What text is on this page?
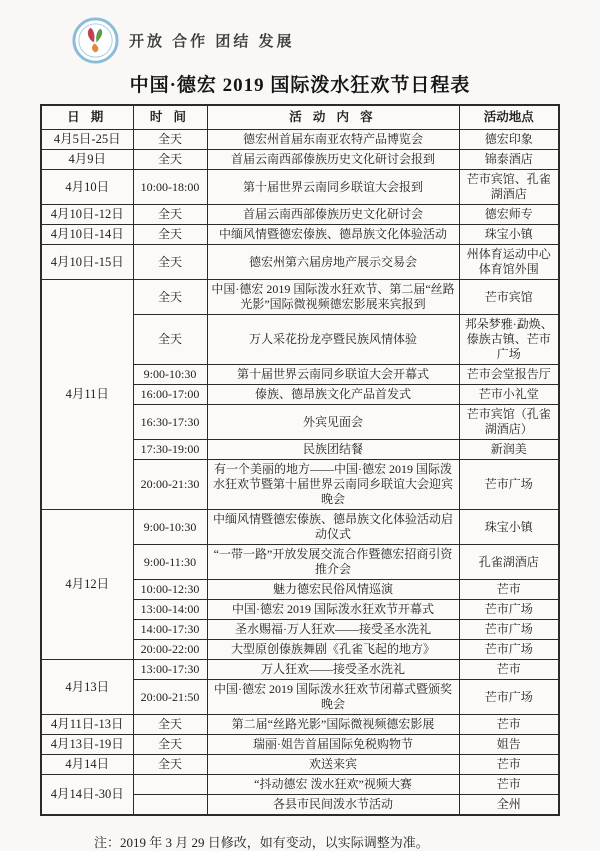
开放 合作 团结 发展
中国·德宏 2019 国际泼水狂欢节日程表
日 期	时 间	活 动 内 容	活动地点
4月5日-25日	全天	德宏州首届东南亚农特产品博览会	德宏印象
4月9日	全天	首届云南西部傣族历史文化研讨会报到	锦泰酒店
4月10日	10:00-18:00	第十届世界云南同乡联谊大会报到	芒市宾馆、孔雀湖酒店
4月10日-12日	全天	首届云南西部傣族历史文化研讨会	德宏师专
4月10日-14日	全天	中缅风情暨德宏傣族、德昂族文化体验活动	珠宝小镇
4月10日-15日	全天	德宏州第六届房地产展示交易会	州体育运动中心体育馆外围
4月11日	全天	中国·德宏 2019 国际泼水狂欢节、第二届“丝路光影”国际微视频德宏影展来宾报到	芒市宾馆
	全天	万人采花扮龙亭暨民族风情体验	邦朵梦雅·勐焕、傣族古镇、芒市广场
	9:00-10:30	第十届世界云南同乡联谊大会开幕式	芒市会堂报告厅
	16:00-17:00	傣族、德昂族文化产品首发式	芒市小礼堂
	16:30-17:30	外宾见面会	芒市宾馆（孔雀湖酒店）
	17:30-19:00	民族团结餐	新润美
	20:00-21:30	有一个美丽的地方——中国·德宏 2019 国际泼水狂欢节暨第十届世界云南同乡联谊大会迎宾晚会	芒市广场
4月12日	9:00-10:30	中缅风情暨德宏傣族、德昂族文化体验活动启动仪式	珠宝小镇
	9:00-11:30	“一带一路”开放发展交流合作暨德宏招商引资推介会	孔雀湖酒店
	10:00-12:30	魅力德宏民俗风情巡演	芒市
	13:00-14:00	中国·德宏 2019 国际泼水狂欢节开幕式	芒市广场
	14:00-17:30	圣水赐福·万人狂欢——接受圣水洗礼	芒市广场
	20:00-22:00	大型原创傣族舞剧《孔雀飞起的地方》	芒市广场
4月13日	13:00-17:30	万人狂欢——接受圣水洗礼	芒市
	20:00-21:50	中国·德宏 2019 国际泼水狂欢节闭幕式暨颁奖晚会	芒市广场
4月11日-13日	全天	第二届“丝路光影”国际微视频德宏影展	芒市
4月13日-19日	全天	瑞丽·姐告首届国际免税购物节	姐告
4月14日	全天	欢送来宾	芒市
4月14日-30日		“抖动德宏 泼水狂欢”视频大赛	芒市
		各县市民间泼水节活动	全州
注：2019 年 3 月 29 日修改，如有变动，以实际调整为准。
